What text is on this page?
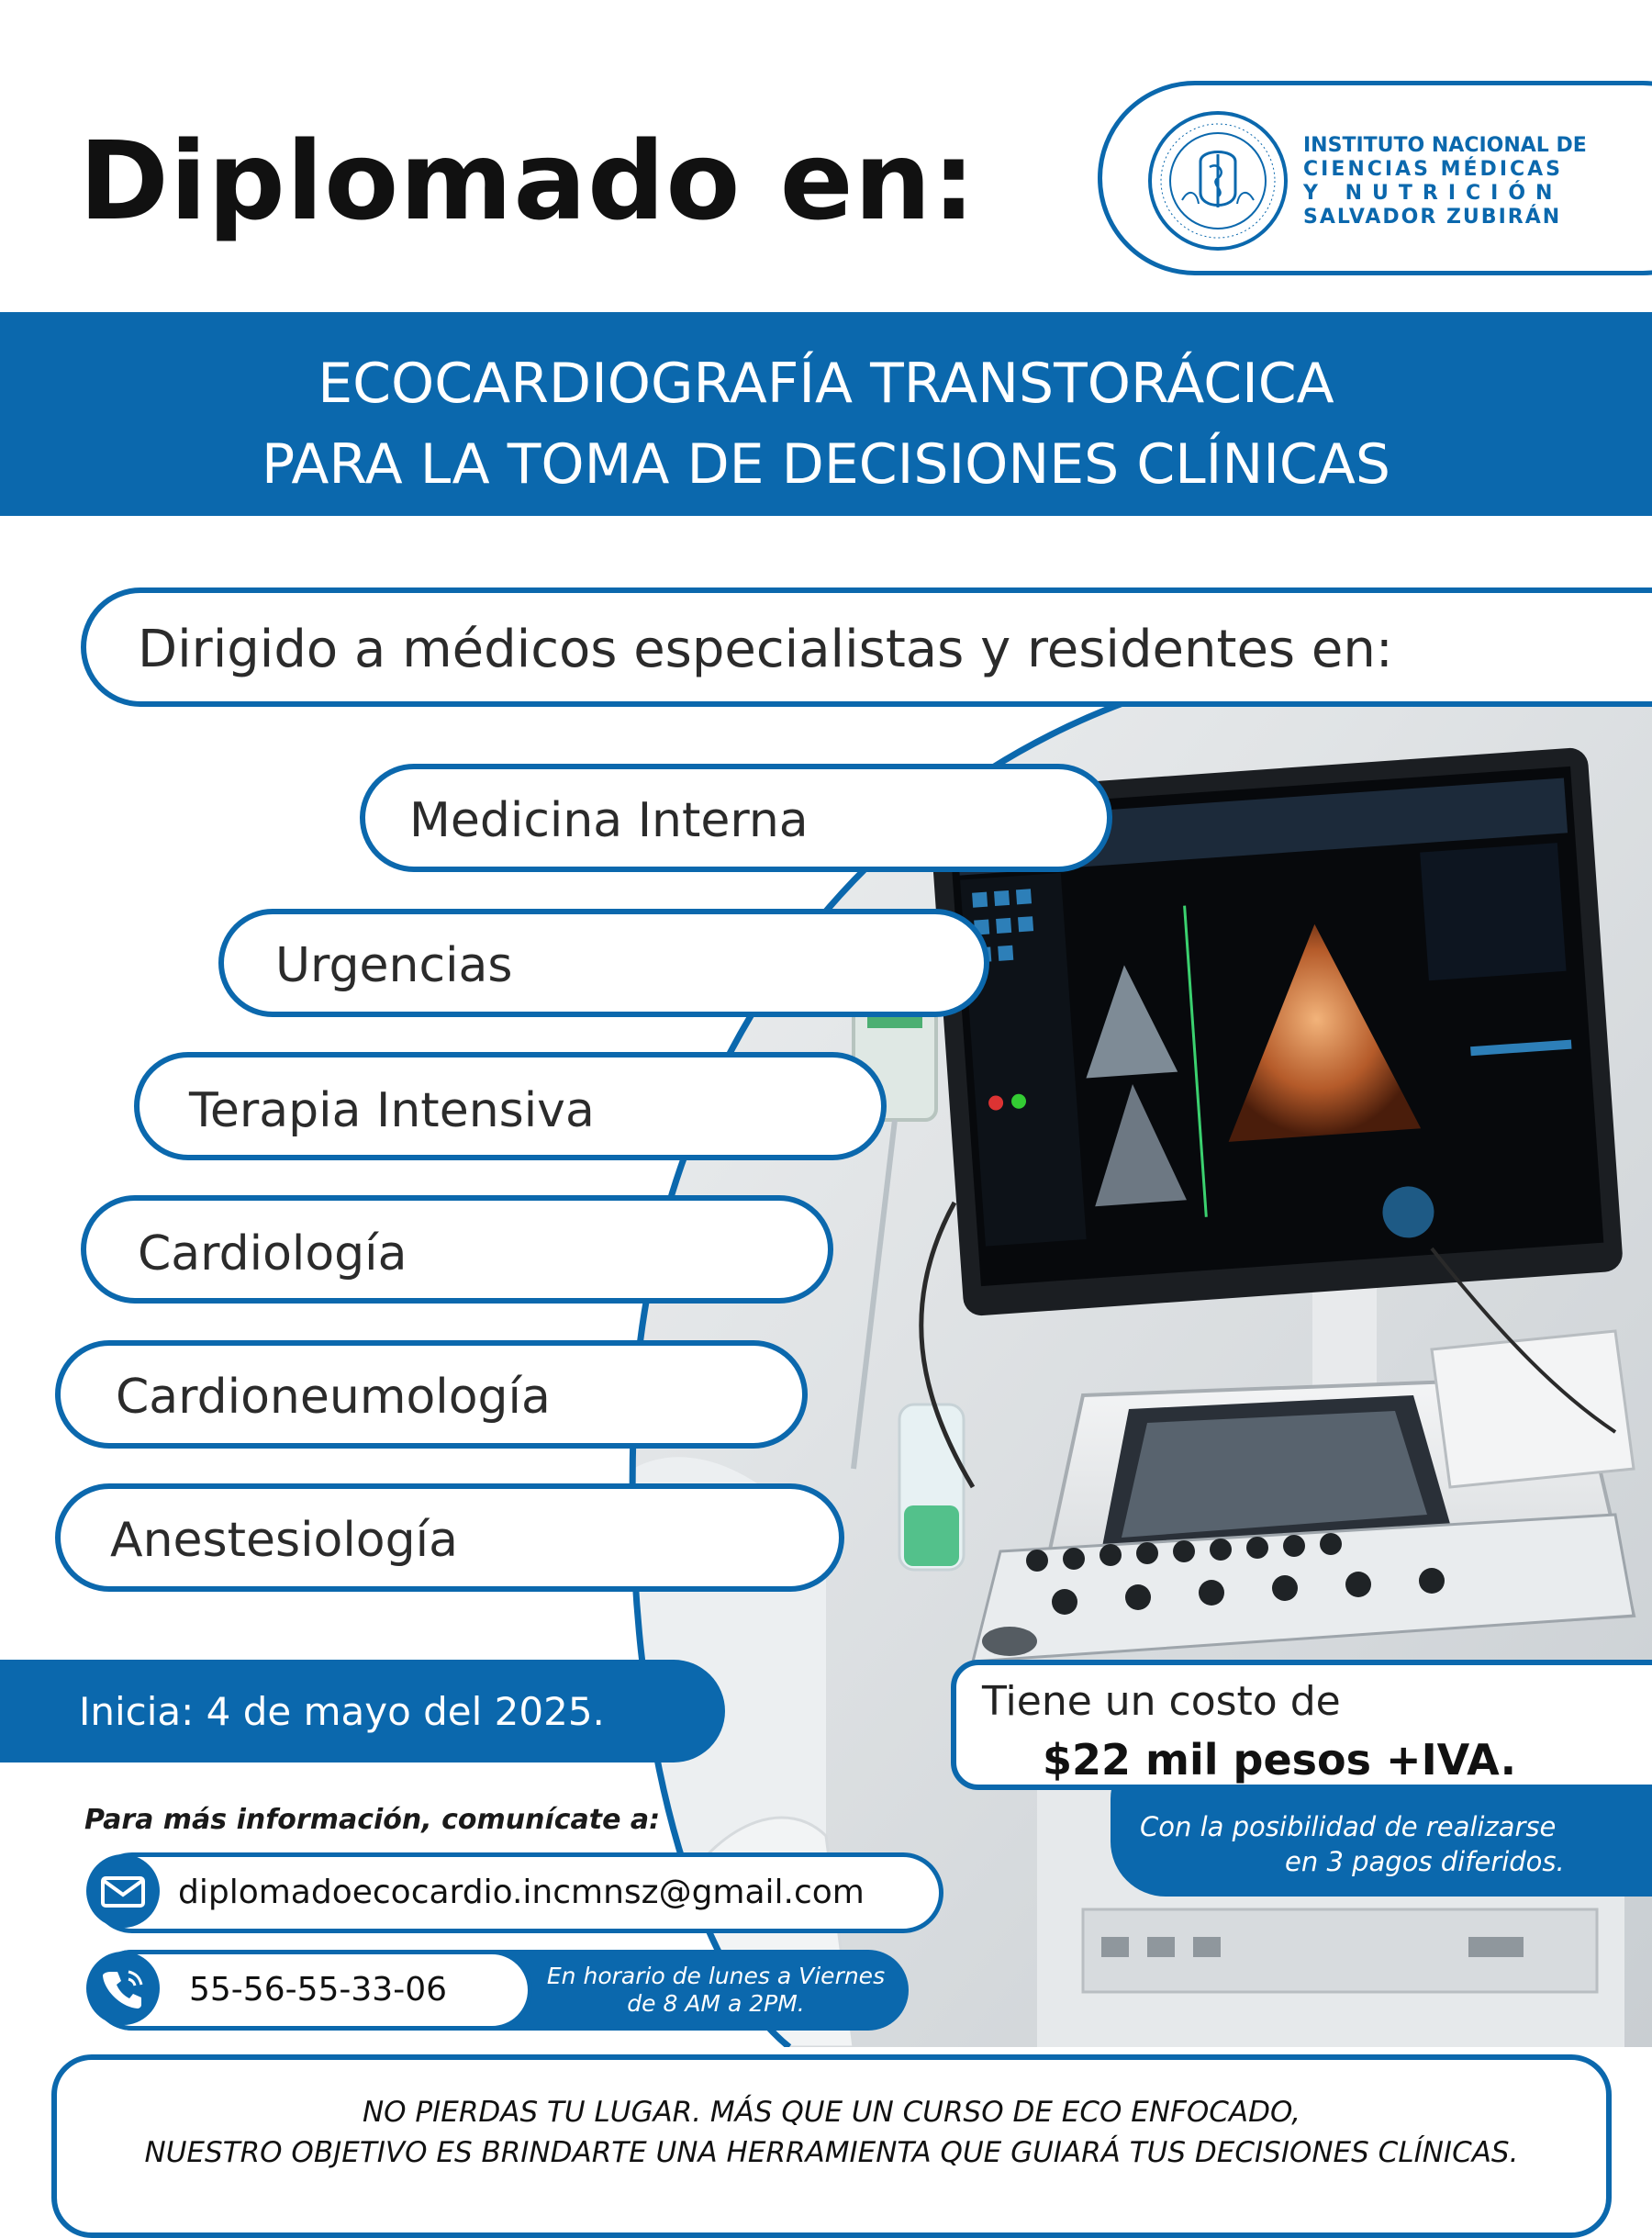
Diplomado en:	INSTITUTO NACIONAL DE
CIENCIAS MÉDICAS
Y NUTRICIÓN
SALVADOR ZUBIRÁN
ECOCARDIOGRAFÍA TRANSTORÁCICA
PARA LA TOMA DE DECISIONES CLÍNICAS
Dirigido a médicos especialistas y residentes en:
Medicina Interna
Urgencias
Terapia Intensiva
Cardiología
Cardioneumología
Anestesiología
Inicia: 4 de mayo del 2025.	Tiene un costo de
$22 mil pesos +IVA.
Con la posibilidad de realizarse
en 3 pagos diferidos.
Para más información, comunícate a:
diplomadoecocardio.incmnsz@gmail.com
55-56-55-33-06	En horario de lunes a Viernes
de 8 AM a 2PM.
NO PIERDAS TU LUGAR. MÁS QUE UN CURSO DE ECO ENFOCADO,
NUESTRO OBJETIVO ES BRINDARTE UNA HERRAMIENTA QUE GUIARÁ TUS DECISIONES CLÍNICAS.
